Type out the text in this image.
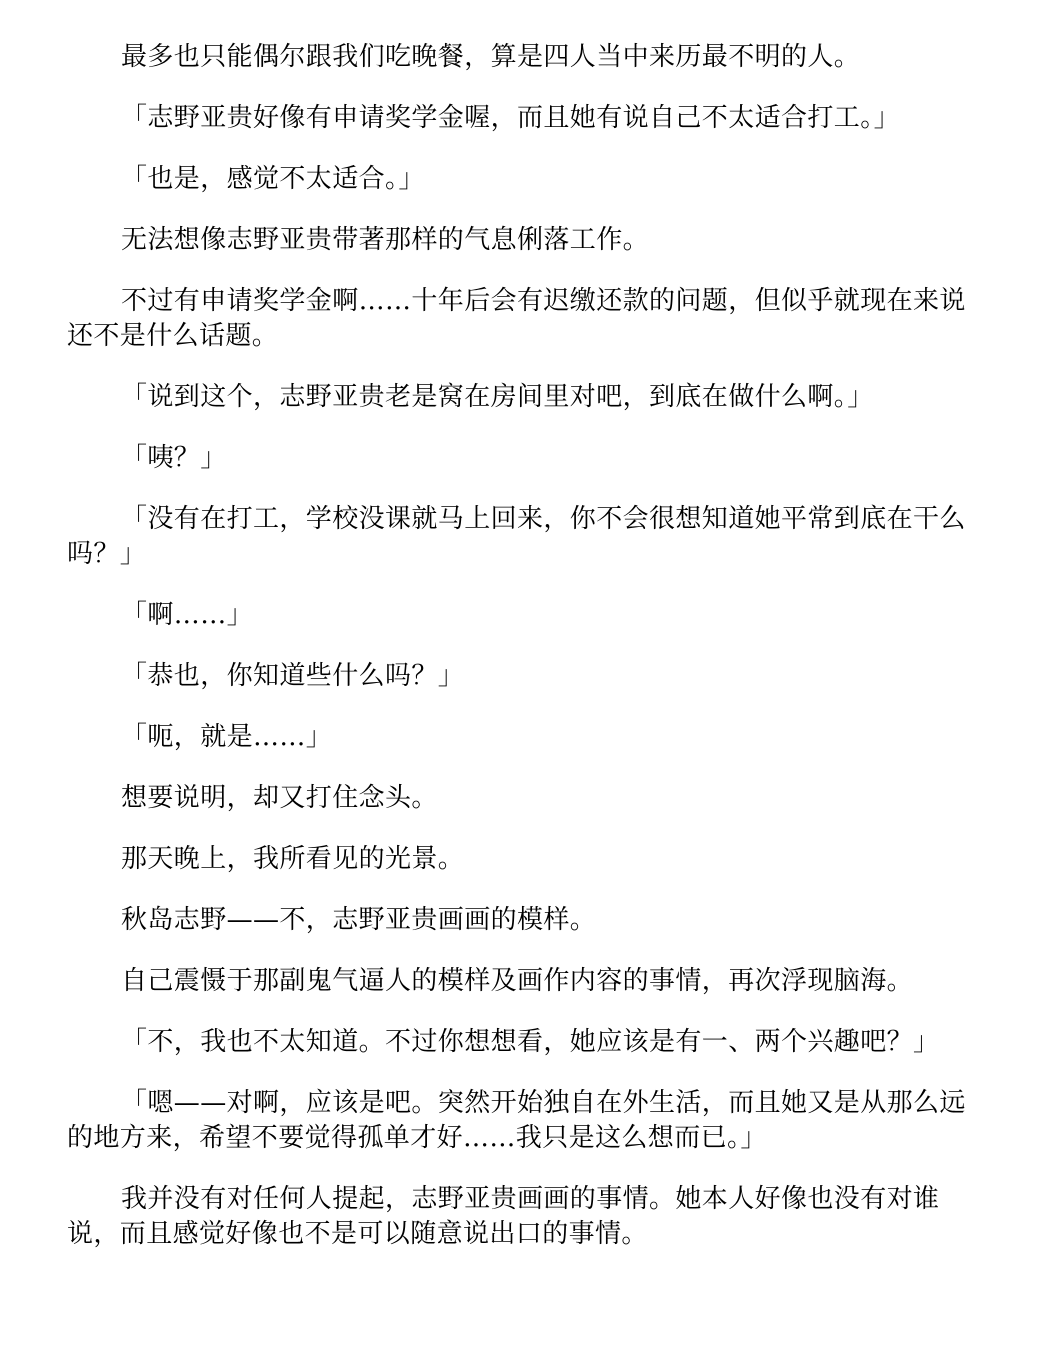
最多也只能偶尔跟我们吃晚餐，算是四人当中来历最不明的人。

「志野亚贵好像有申请奖学金喔，而且她有说自己不太适合打工。」

「也是，感觉不太适合。」

无法想像志野亚贵带著那样的气息俐落工作。

不过有申请奖学金啊……十年后会有迟缴还款的问题，但似乎就现在来说还不是什么话题。

「说到这个，志野亚贵老是窝在房间里对吧，到底在做什么啊。」

「咦？」

「没有在打工，学校没课就马上回来，你不会很想知道她平常到底在干么吗？」

「啊……」

「恭也，你知道些什么吗？」

「呃，就是……」

想要说明，却又打住念头。

那天晚上，我所看见的光景。

秋岛志野——不，志野亚贵画画的模样。

自己震慑于那副鬼气逼人的模样及画作内容的事情，再次浮现脑海。

「不，我也不太知道。不过你想想看，她应该是有一、两个兴趣吧？」

「嗯——对啊，应该是吧。突然开始独自在外生活，而且她又是从那么远的地方来，希望不要觉得孤单才好……我只是这么想而已。」

我并没有对任何人提起，志野亚贵画画的事情。她本人好像也没有对谁说，而且感觉好像也不是可以随意说出口的事情。
